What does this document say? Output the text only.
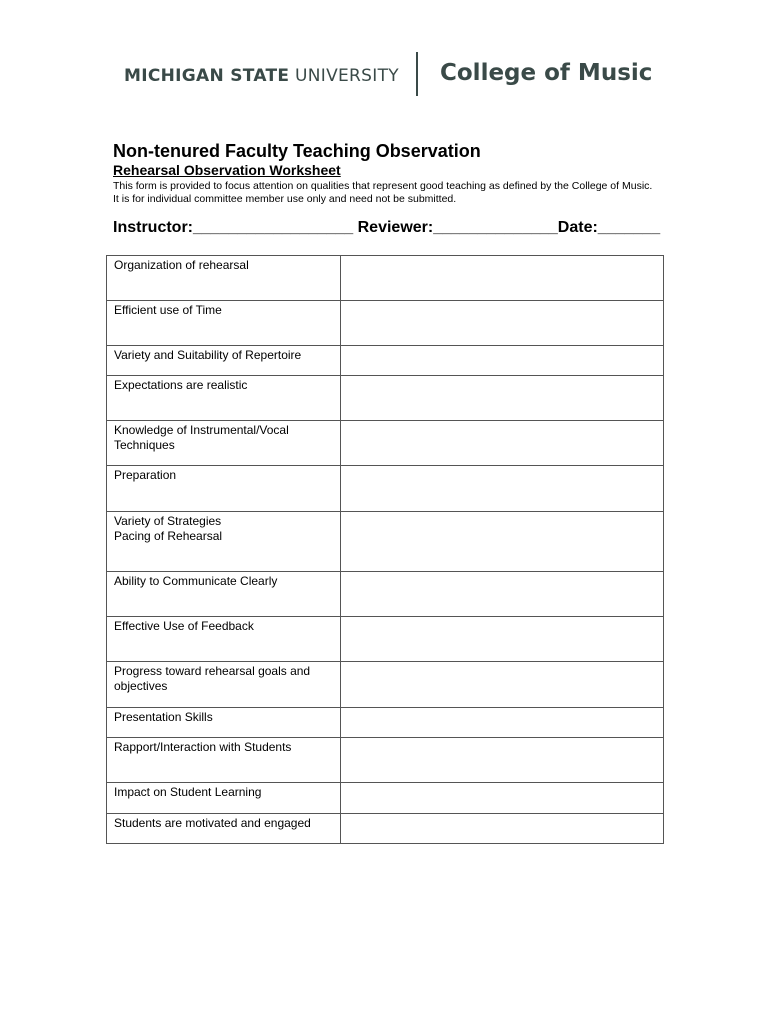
MICHIGAN STATE UNIVERSITY College of Music
Non-tenured Faculty Teaching Observation
Rehearsal Observation Worksheet
This form is provided to focus attention on qualities that represent good teaching as defined by the College of Music. It is for individual committee member use only and need not be submitted.
Instructor:__________________ Reviewer:______________Date:_______
Organization of rehearsal	

Efficient use of Time	

Variety and Suitability of Repertoire	

Expectations are realistic	

Knowledge of Instrumental/Vocal
Techniques	

Preparation	

Variety of Strategies
Pacing of Rehearsal	

Ability to Communicate Clearly	

Effective Use of Feedback	

Progress toward rehearsal goals and
objectives	

Presentation Skills	

Rapport/Interaction with Students	

Impact on Student Learning	

Students are motivated and engaged	
